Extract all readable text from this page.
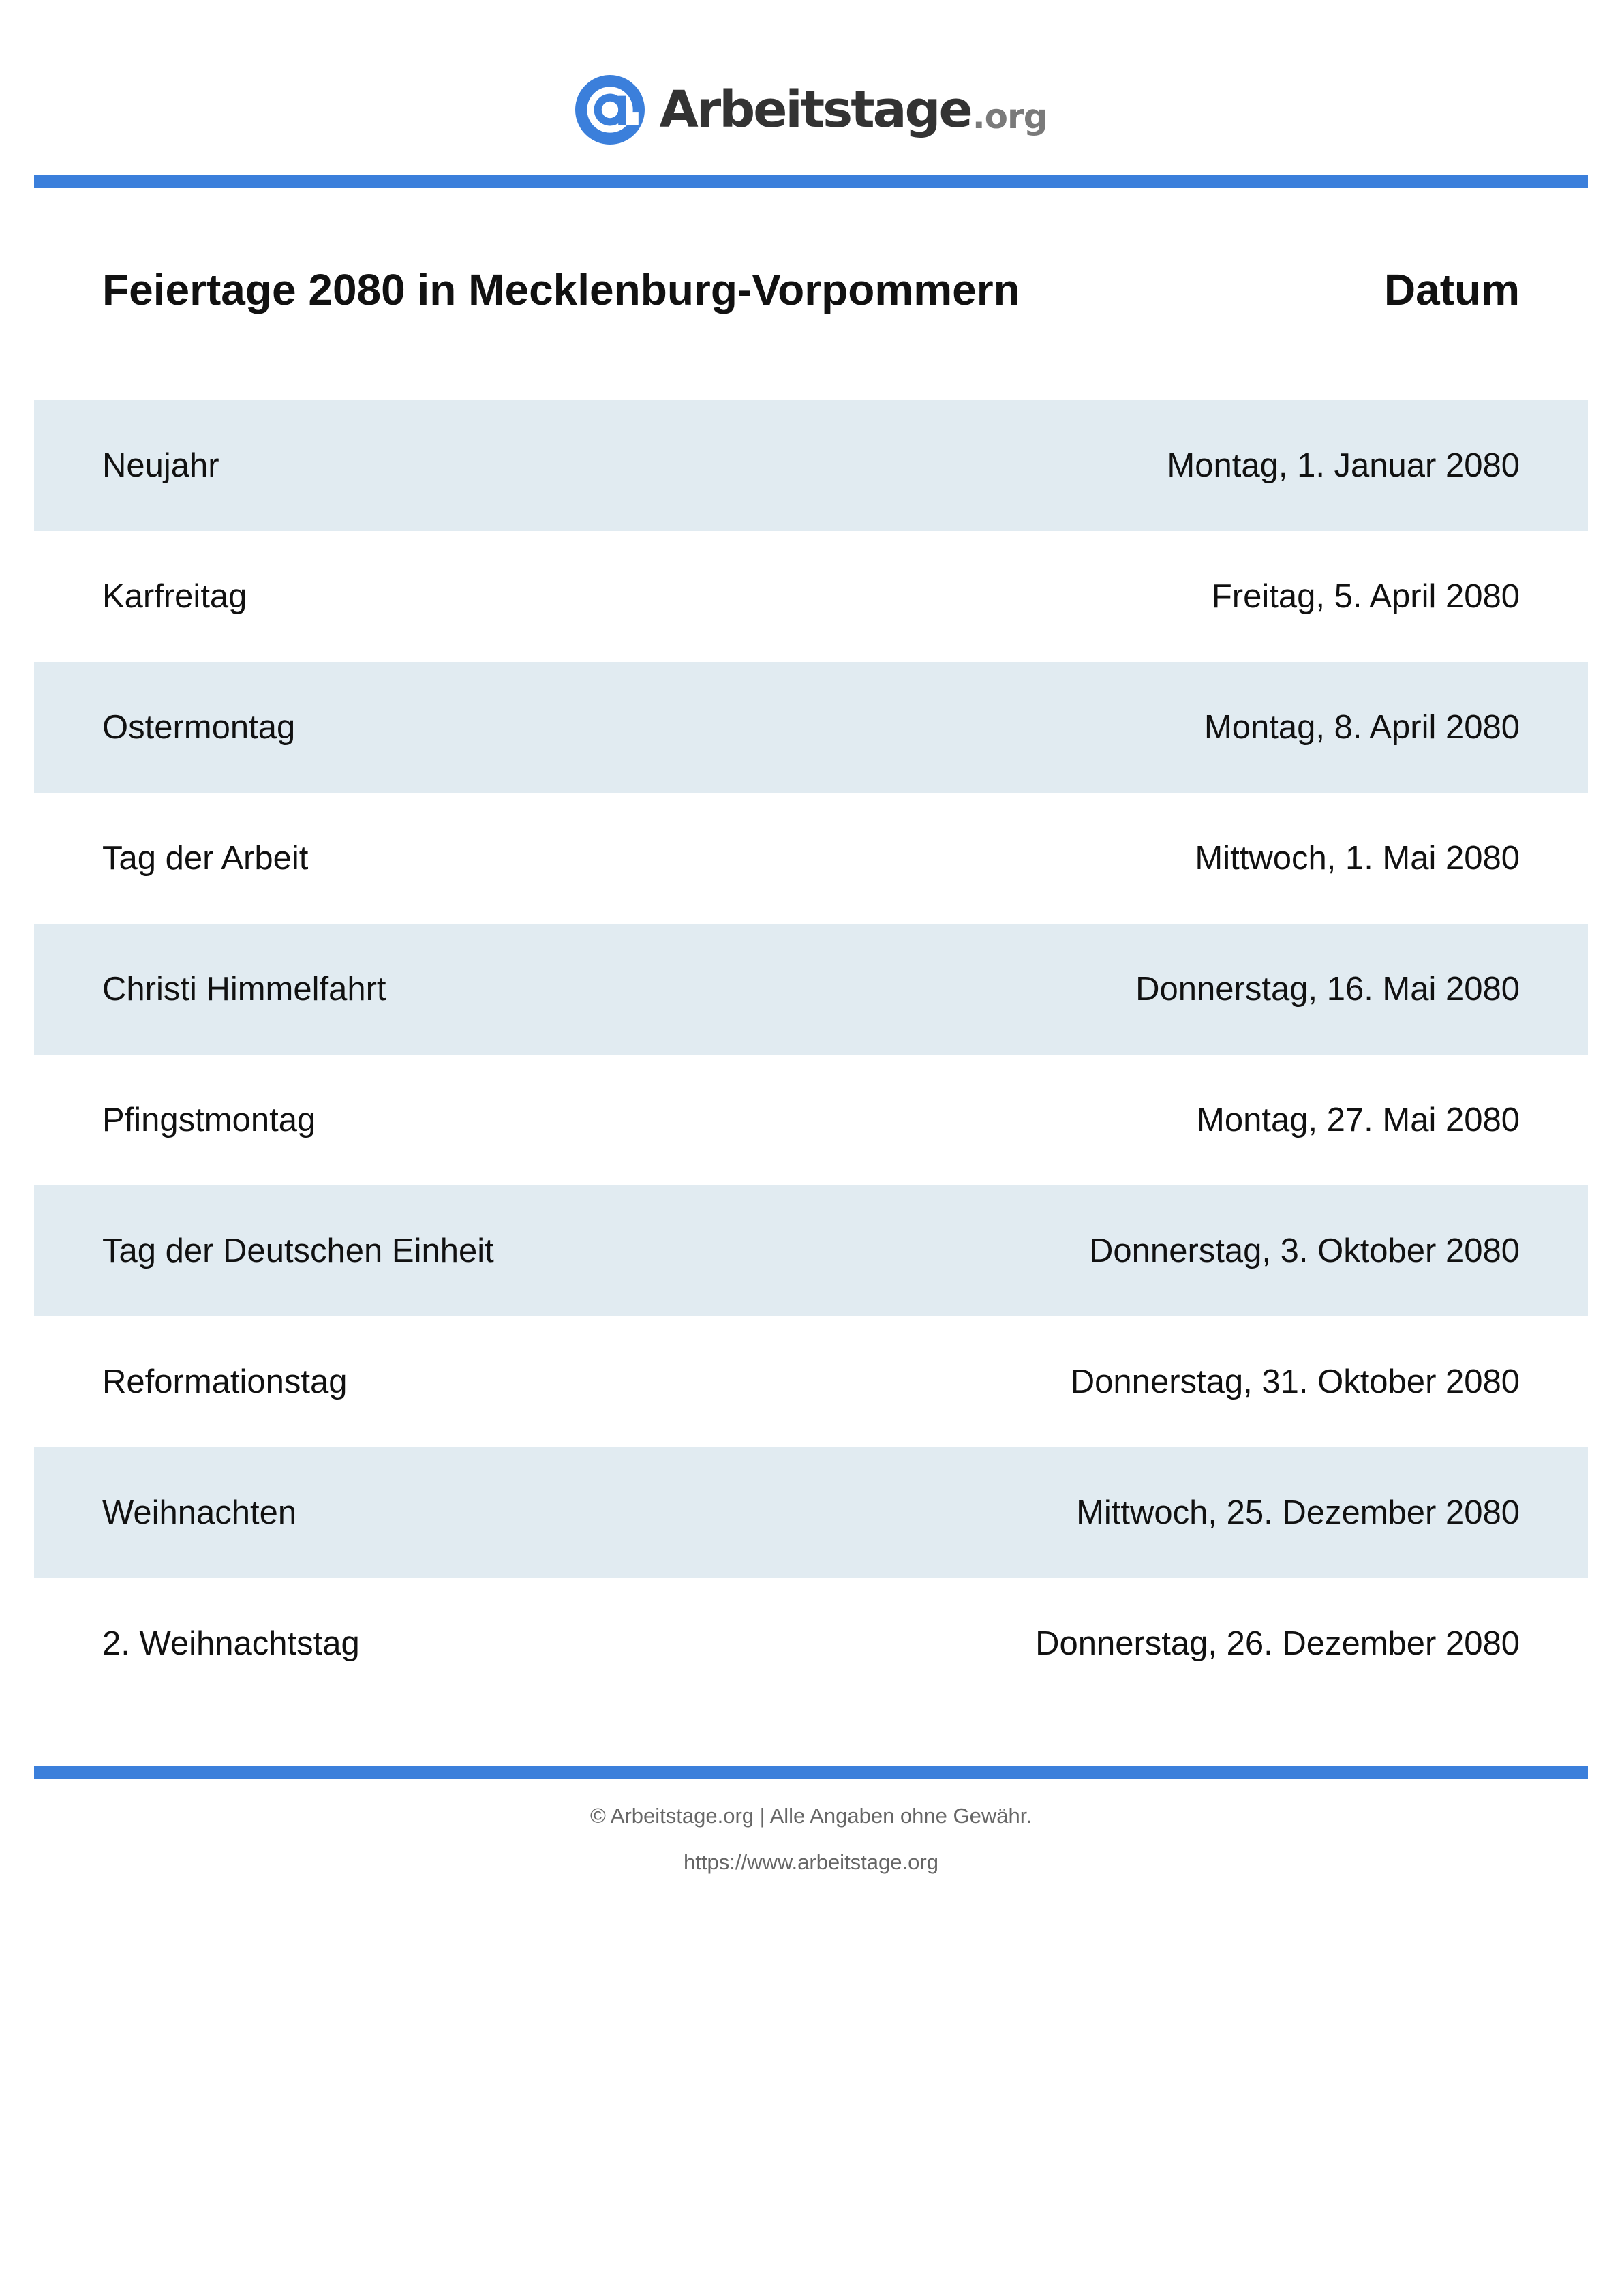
Arbeitstage .org
Feiertage 2080 in Mecklenburg-Vorpommern	Datum
Neujahr	Montag, 1. Januar 2080
Karfreitag	Freitag, 5. April 2080
Ostermontag	Montag, 8. April 2080
Tag der Arbeit	Mittwoch, 1. Mai 2080
Christi Himmelfahrt	Donnerstag, 16. Mai 2080
Pfingstmontag	Montag, 27. Mai 2080
Tag der Deutschen Einheit	Donnerstag, 3. Oktober 2080
Reformationstag	Donnerstag, 31. Oktober 2080
Weihnachten	Mittwoch, 25. Dezember 2080
2. Weihnachtstag	Donnerstag, 26. Dezember 2080
© Arbeitstage.org | Alle Angaben ohne Gewähr.
https://www.arbeitstage.org
